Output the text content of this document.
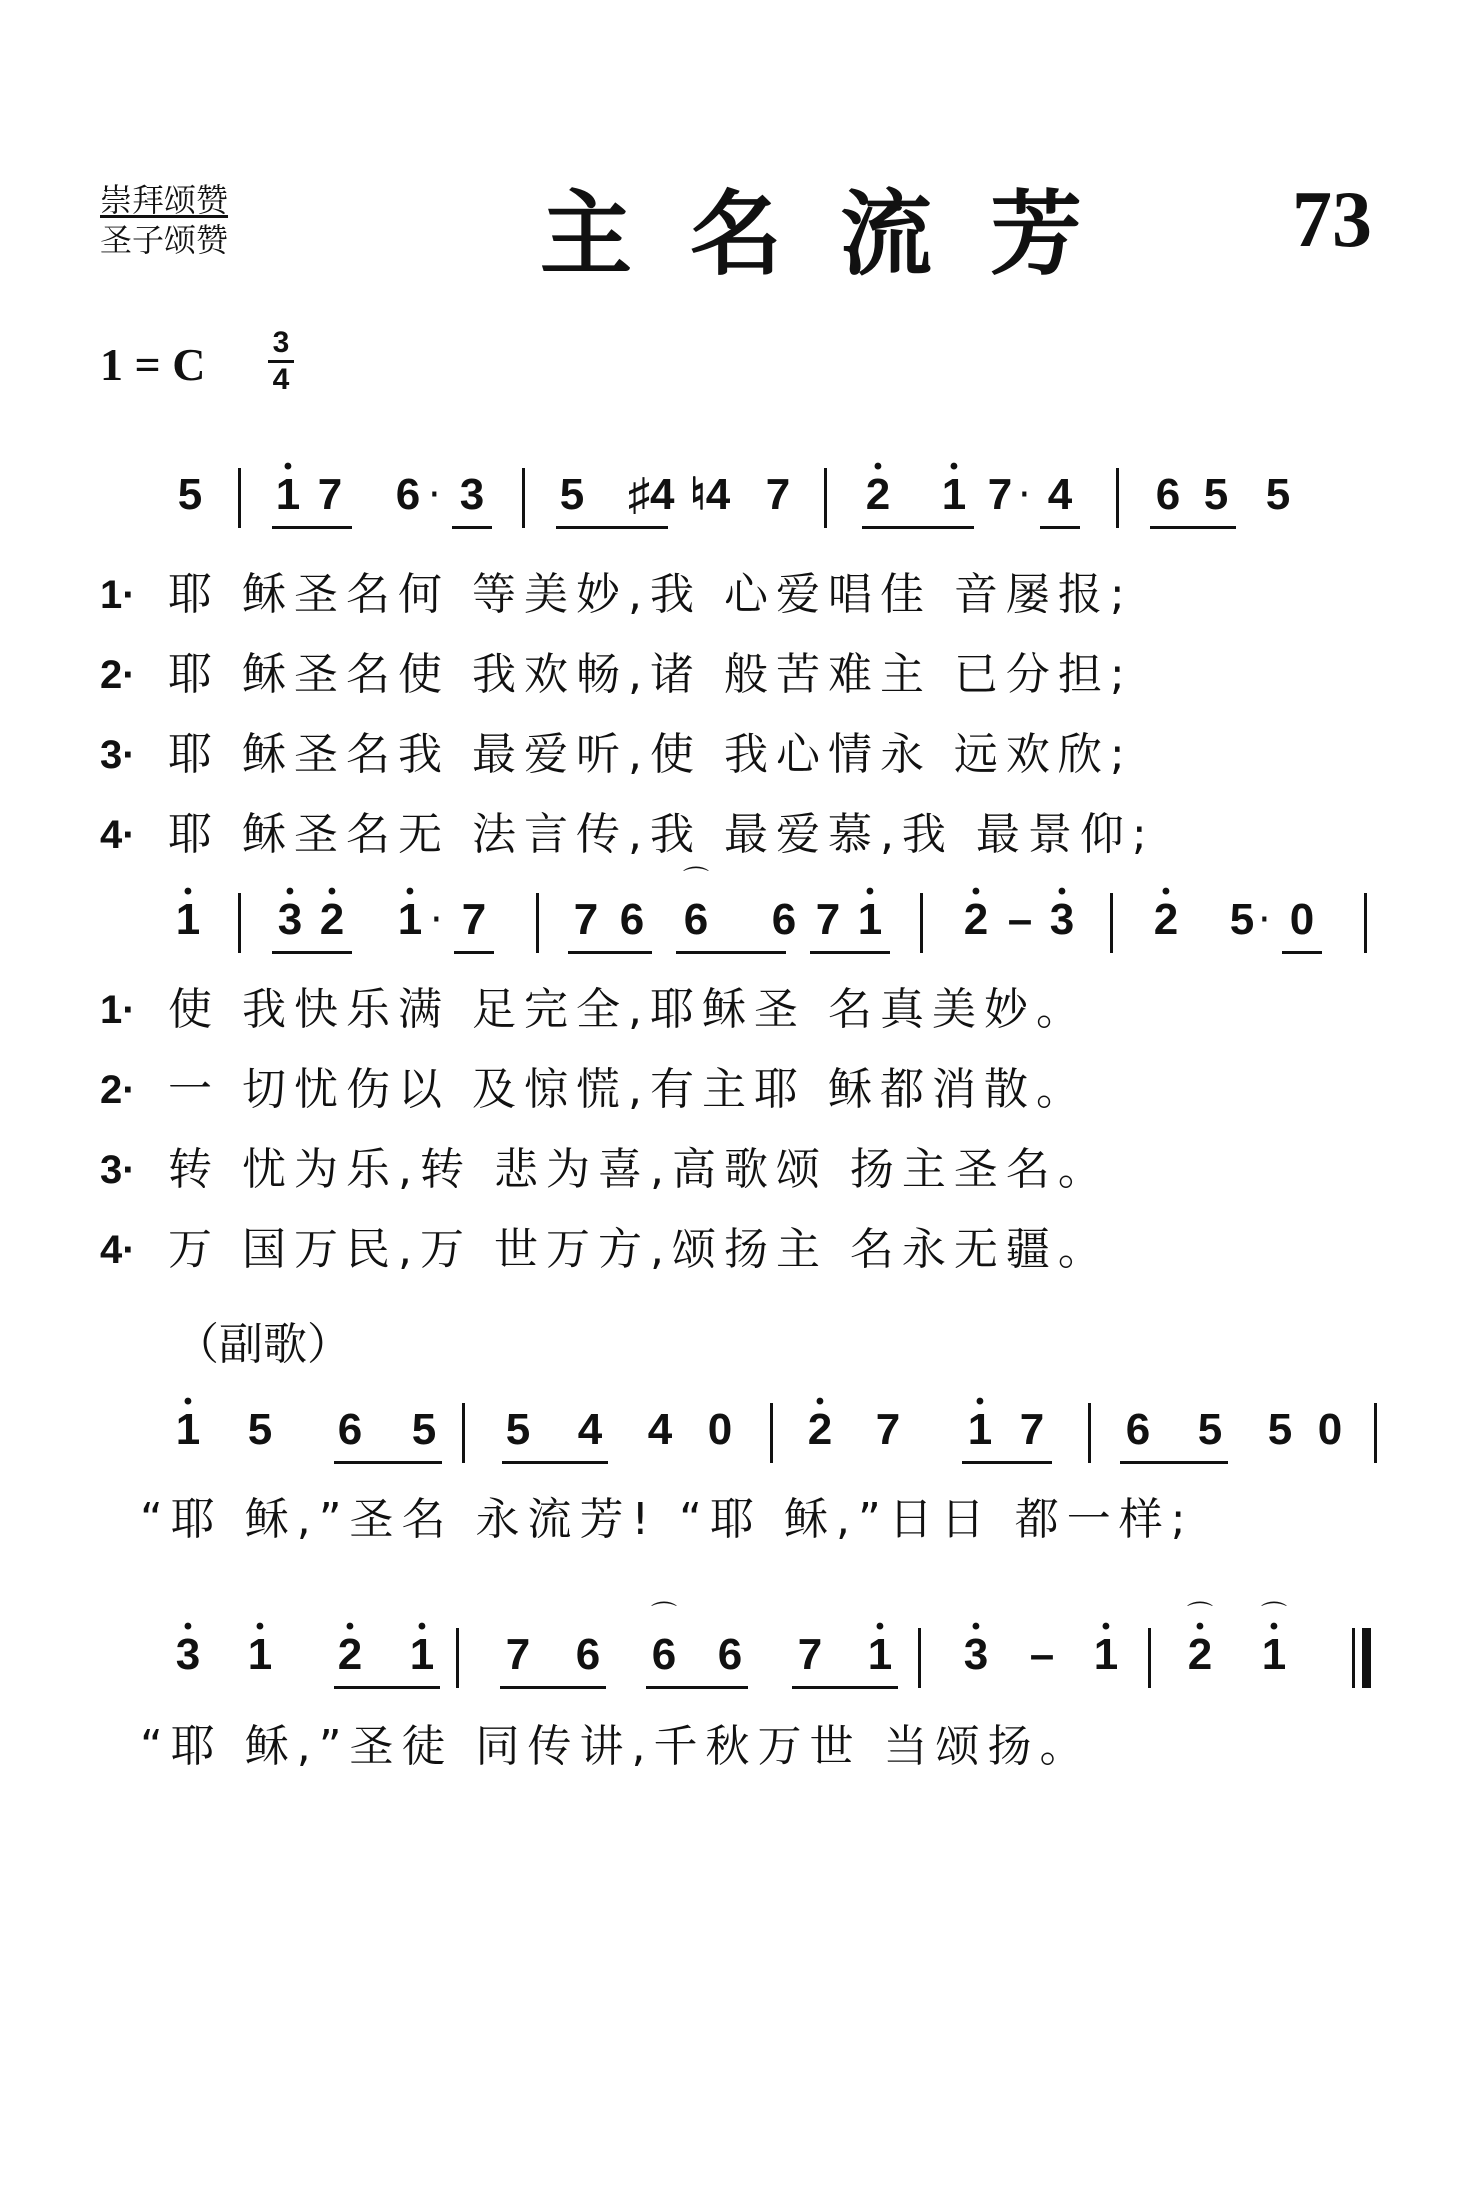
崇拜颂赞
圣子颂赞	主名流芳 73
1 = C 3
4
5 • 1 7 6 · 3 5 ♯4 ♮4 7 • 2 • 1 7 · 4 6 5 5
1· 耶 稣圣名何 等美妙,我 心爱唱佳 音屡报;
2· 耶 稣圣名使 我欢畅,诸 般苦难主 已分担;
3· 耶 稣圣名我 最爱听,使 我心情永 远欢欣;
4· 耶 稣圣名无 法言传,我 最爱慕,我 最景仰;
• 1 • 3 • 2 • 1 · 7 7 6 6 ⌒ 6 7 • 1 • 2 – • 3 • 2 5 · 0
1· 使 我快乐满 足完全,耶稣圣 名真美妙。
2· 一 切忧伤以 及惊慌,有主耶 稣都消散。
3· 转 忧为乐,转 悲为喜,高歌颂 扬主圣名。
4· 万 国万民,万 世万方,颂扬主 名永无疆。
（副歌）
• 1 5 6 5 5 4 4 0 • 2 7 • 1 7 6 5 5 0
“耶 稣,”圣名 永流芳! “耶 稣,”日日 都一样;
• 3 • 1 • 2 • 1 7 6 6 ⌒ 6 7 • 1 • 3 – • 1 • 2 ⌒ • 1 ⌒
“耶 稣,”圣徒 同传讲,千秋万世 当颂扬。
